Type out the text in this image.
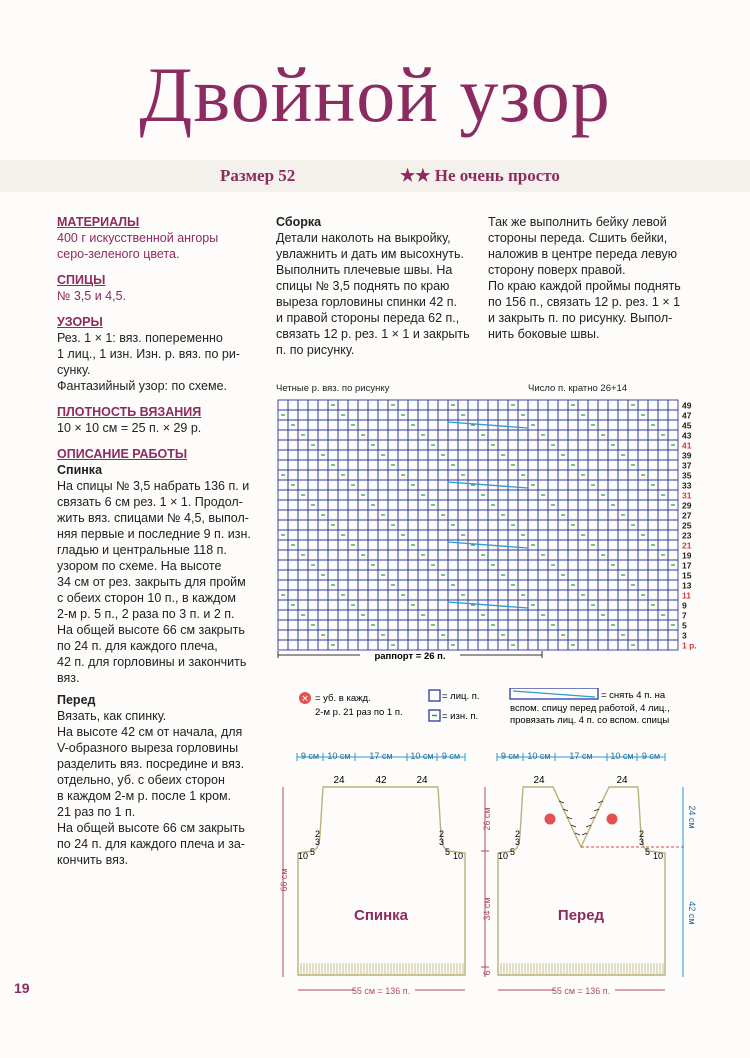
Двойной узор
Размер 52	★★ Не очень просто

МАТЕРИАЛЫ

400 г искусственной ангоры

серо-зеленого цвета.

СПИЦЫ

№ 3,5 и 4,5.

УЗОРЫ

Рез. 1 × 1: вяз. попеременно

1 лиц., 1 изн. Изн. р. вяз. по ри-

сунку.

Фантазийный узор: по схеме.

ПЛОТНОСТЬ ВЯЗАНИЯ

10 × 10 см = 25 п. × 29 р.

ОПИСАНИЕ РАБОТЫ

Спинка

На спицы № 3,5 набрать 136 п. и

связать 6 см рез. 1 × 1. Продол-

жить вяз. спицами № 4,5, выпол-

няя первые и последние 9 п. изн.

гладью и центральные 118 п.

узором по схеме. На высоте

34 см от рез. закрыть для пройм

с обеих сторон 10 п., в каждом

2-м р. 5 п., 2 раза по 3 п. и 2 п.

На общей высоте 66 см закрыть

по 24 п. для каждого плеча,

42 п. для горловины и закончить

вяз.

Перед

Вязать, как спинку.

На высоте 42 см от начала, для

V-образного выреза горловины

разделить вяз. посредине и вяз.

отдельно, уб. с обеих сторон

в каждом 2-м р. после 1 кром.

21 раз по 1 п.

На общей высоте 66 см закрыть

по 24 п. для каждого плеча и за-

кончить вяз.

Сборка

Детали наколоть на выкройку,

увлажнить и дать им высохнуть.

Выполнить плечевые швы. На

спицы № 3,5 поднять по краю

выреза горловины спинки 42 п.

и правой стороны переда 62 п.,

связать 12 р. рез. 1 × 1 и закрыть

п. по рисунку.

Так же выполнить бейку левой

стороны переда. Сшить бейки,

наложив в центре переда левую

сторону поверх правой.

По краю каждой проймы поднять

по 156 п., связать 12 р. рез. 1 × 1

и закрыть п. по рисунку. Выпол-

нить боковые швы.

Четные р. вяз. по рисунку	Число п. кратно 26+14
49
47
45
43
41
39
37
35
33
31
29
27
25
23
21
19
17
15
13
11
9
7
5
3
1 р.
раппорт = 26 п.
✕ = уб. в кажд.
2-м р. 21 раз по 1 п.
= лиц. п.
= изн. п.
= снять 4 п. на
вспом. спицу перед работой, 4 лиц.,
провязать лиц. 4 п. со вспом. спицы
9 см 10 см 17 см 10 см 9 см
24	42	24
2
3
5
10
2
3
5 10
Спинка
66 см
55 см = 136 п.
9 см 10 см 17 см 10 см 9 см
24	24
2
3
5
10
2
3
5 10
Перед
26 см
34 см
6
24 см
42 см
55 см = 136 п.
19
